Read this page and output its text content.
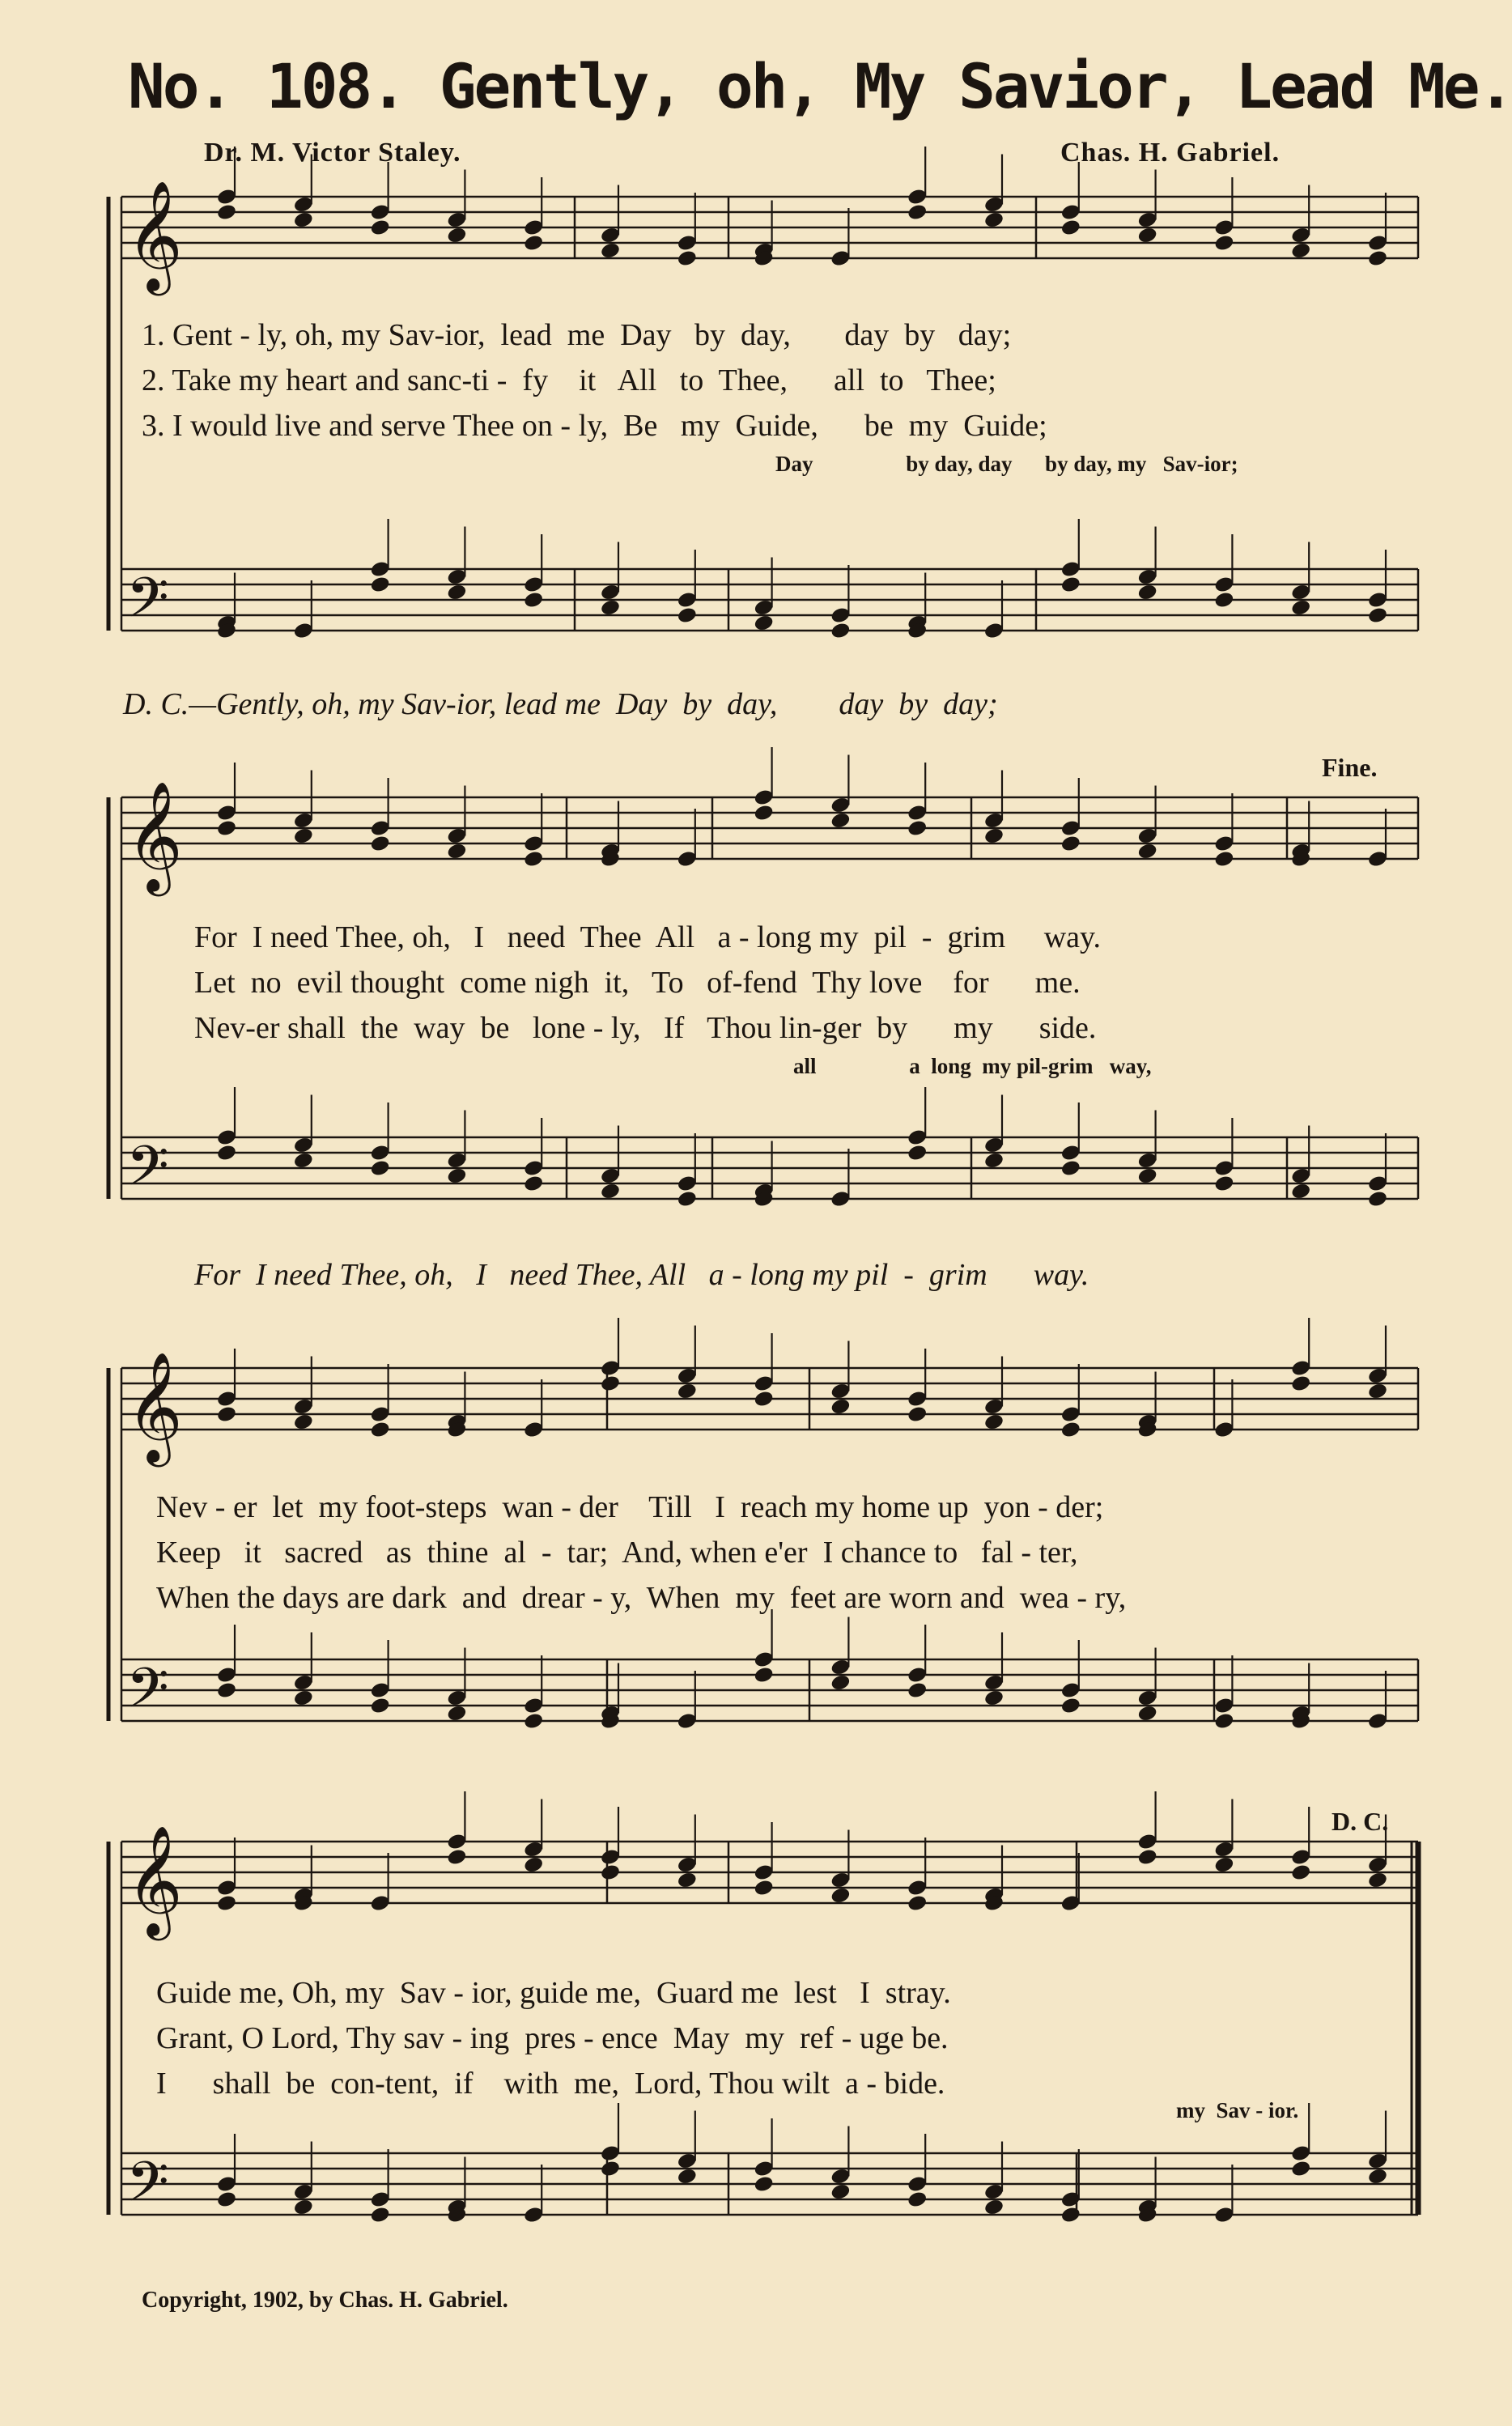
No. 108. Gently, oh, My Savior, Lead Me.
Dr. M. Victor Staley.	Chas. H. Gabriel.
𝄞
𝄢
𝄞
𝄢
𝄞
𝄢
𝄞
𝄢
1. Gent - ly, oh, my Sav-ior,  lead  me  Day   by  day,       day  by   day;
2. Take my heart and sanc-ti -  fy    it   All   to  Thee,      all  to   Thee;
3. I would live and serve Thee on - ly,  Be   my  Guide,      be  my  Guide;
Day                 by day, day      by day, my   Sav-ior;
D. C.—Gently, oh, my Sav-ior, lead me  Day  by  day,        day  by  day;
Fine.
For  I need Thee, oh,   I   need  Thee  All   a - long my  pil  -  grim     way.
Let  no  evil thought  come nigh  it,   To   of-fend  Thy love    for      me.
Nev-er shall  the  way  be   lone - ly,   If   Thou lin-ger  by      my      side.
all                 a  long  my pil-grim   way,
For  I need Thee, oh,   I   need Thee, All   a - long my pil  -  grim      way.
Nev - er  let  my foot-steps  wan - der    Till   I  reach my home up  yon - der;
Keep   it   sacred   as  thine  al  -  tar;  And, when e'er  I chance to   fal - ter,
When the days are dark  and  drear - y,  When  my  feet are worn and  wea - ry,
D. C.
Guide me, Oh, my  Sav - ior, guide me,  Guard me  lest   I  stray.
Grant, O Lord, Thy sav - ing  pres - ence  May  my  ref - uge be.
I      shall  be  con-tent,  if    with  me,  Lord, Thou wilt  a - bide.
my  Sav - ior.
Copyright, 1902, by Chas. H. Gabriel.
